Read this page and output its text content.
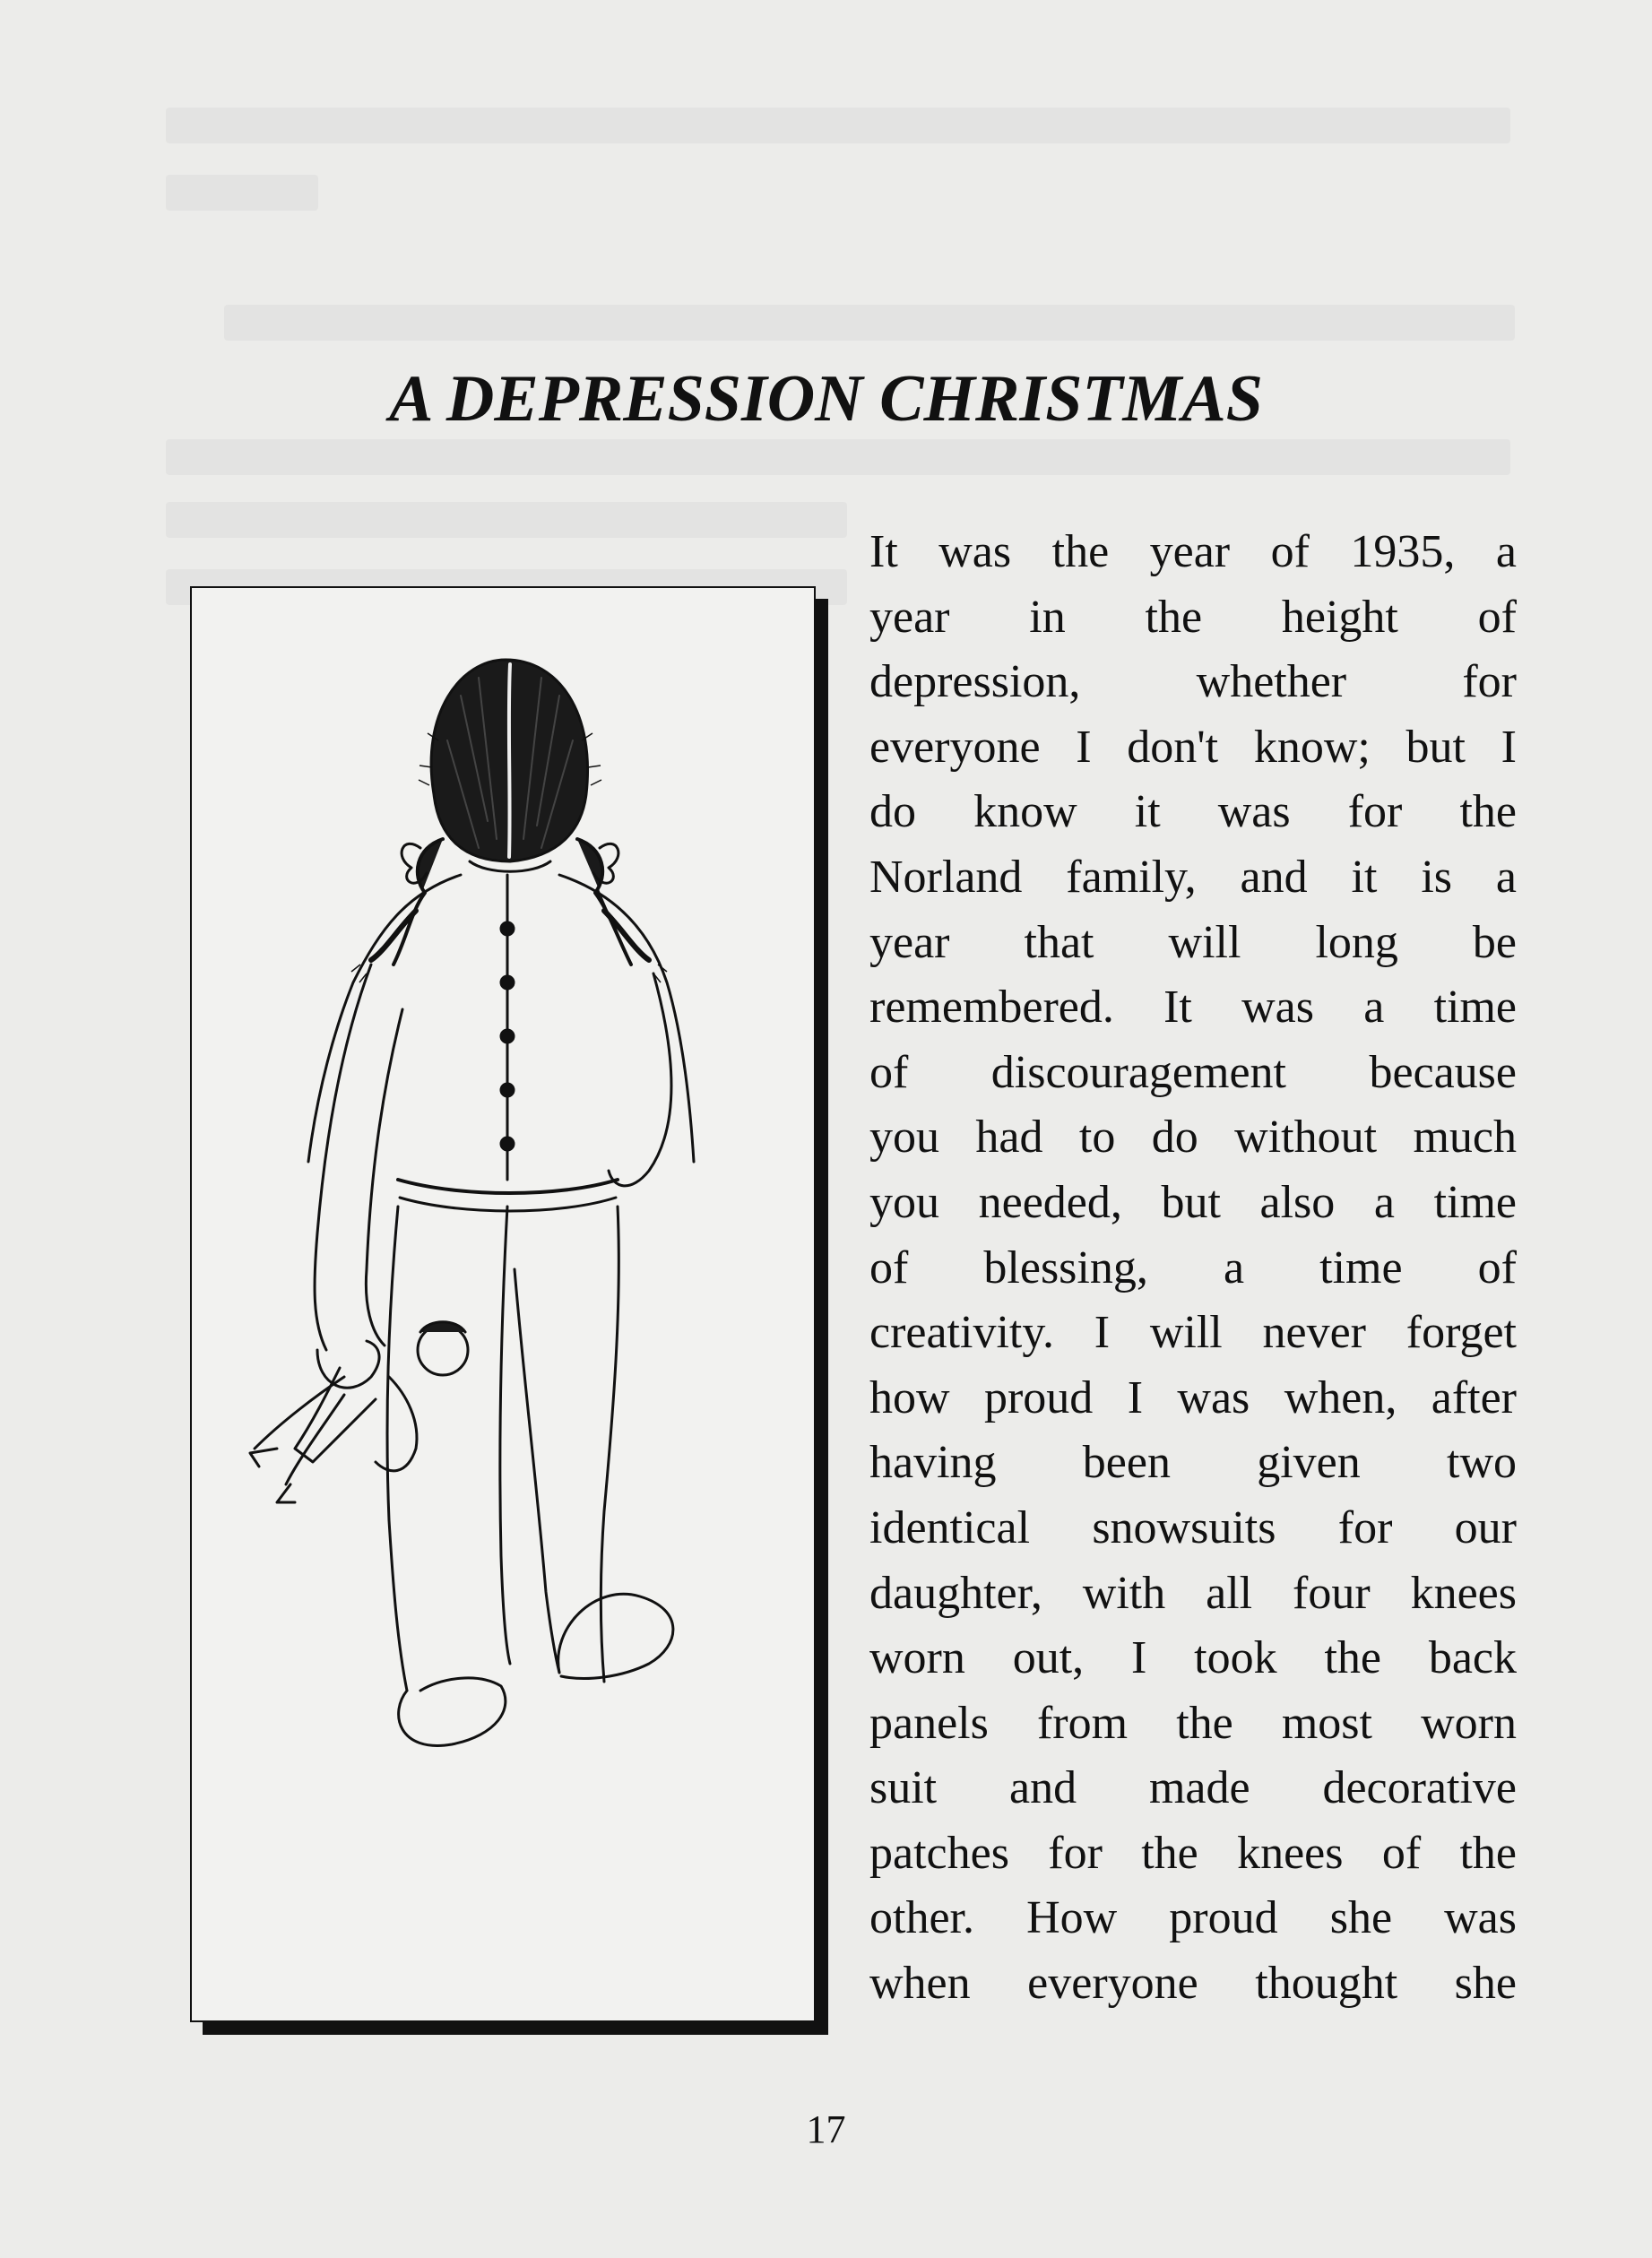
A DEPRESSION CHRISTMAS
It was the year of 1935, a
year in the height of
depression, whether for
everyone I don't know; but I
do know it was for the
Norland family, and it is a
year that will long be
remembered. It was a time
of discouragement because
you had to do without much
you needed, but also a time
of blessing, a time of
creativity. I will never forget
how proud I was when, after
having been given two
identical snowsuits for our
daughter, with all four knees
worn out, I took the back
panels from the most worn
suit and made decorative
patches for the knees of the
other. How proud she was
when everyone thought she

17
